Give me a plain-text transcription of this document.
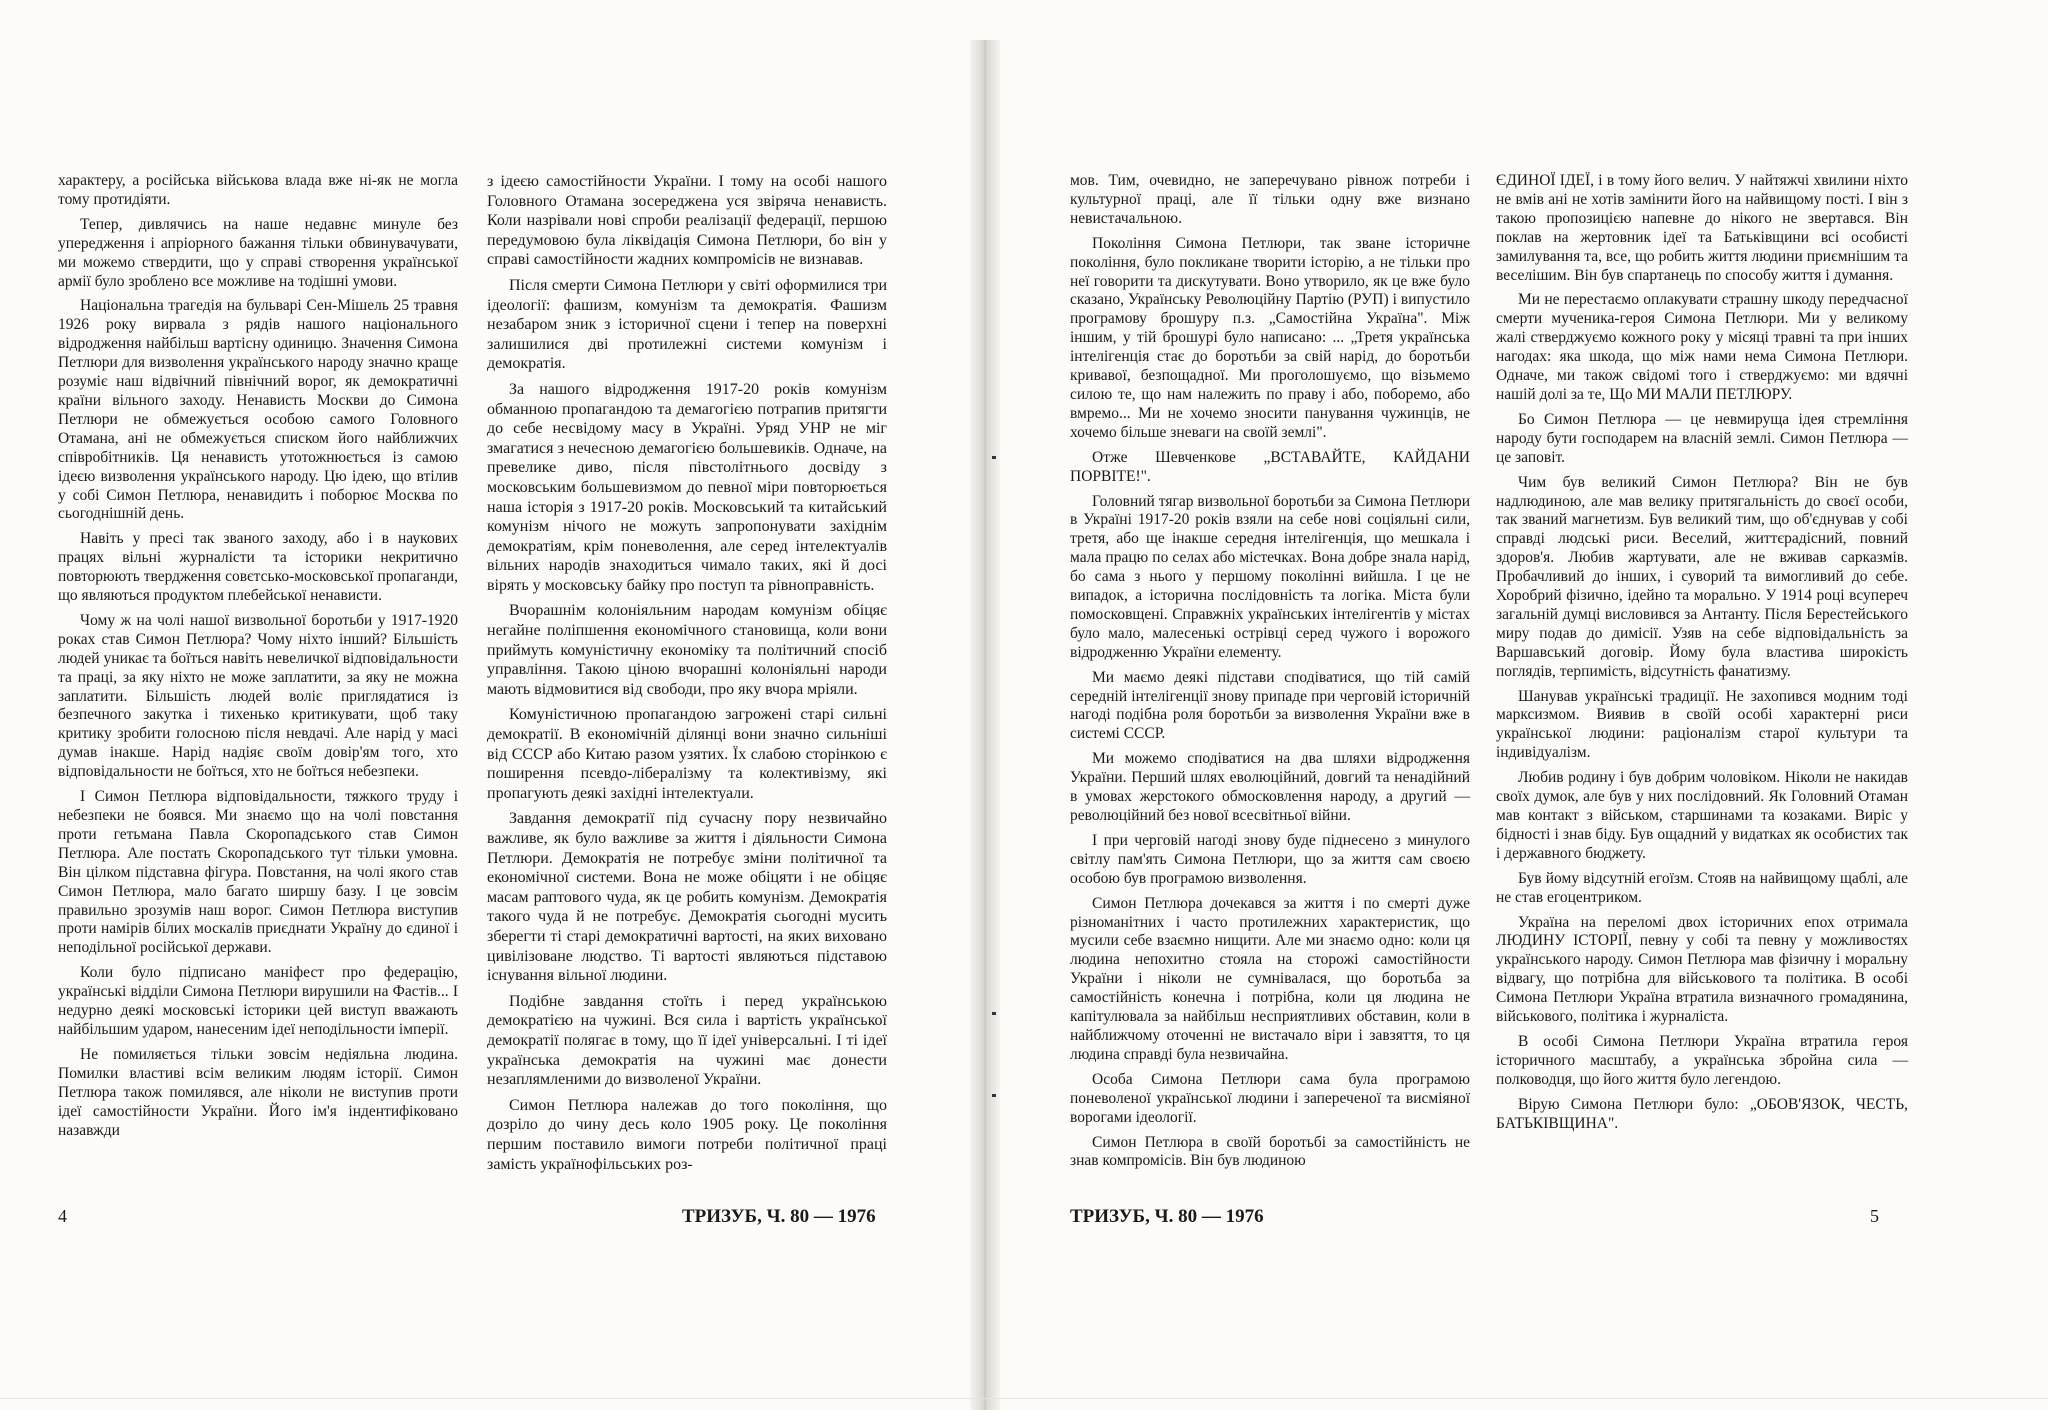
характеру, а російська військова влада вже ні-як не могла тому протидіяти.

Тепер, дивлячись на наше недавнє минуле без упередження і апріорного бажання тільки обвинувачувати, ми можемо ствердити, що у справі створення української армії було зроблено все можливе на тодішні умови.

Національна трагедія на бульварі Сен-Мішель 25 травня 1926 року вирвала з рядів нашого національного відродження найбільш вартісну одиницю. Значення Симона Петлюри для визволення українського народу значно краще розуміє наш відвічний північний ворог, як демократичні країни вільного заходу. Ненависть Москви до Симона Петлюри не обмежується особою самого Головного Отамана, ані не обмежується списком його найближчих співробітників. Ця ненависть утотожнюється із самою ідеєю визволення українського народу. Цю ідею, що втілив у собі Симон Петлюра, ненавидить і поборює Москва по сьогоднішній день.

Навіть у пресі так званого заходу, або і в наукових працях вільні журналісти та історики некритично повторюють твердження совєтсько-московської пропаганди, що являються продуктом плебейської ненависти.

Чому ж на чолі нашої визвольної боротьби у 1917-1920 роках став Симон Петлюра? Чому ніхто інший? Більшість людей уникає та боїться навіть невеличкої відповідальности та праці, за яку ніхто не може заплатити, за яку не можна заплатити. Більшість людей воліє приглядатися із безпечного закутка і тихенько критикувати, щоб таку критику зробити голосною після невдачі. Але нарід у масі думав інакше. Нарід надіяє своїм довір'ям того, хто відповідальности не боїться, хто не боїться небезпеки.

І Симон Петлюра відповідальности, тяжкого труду і небезпеки не боявся. Ми знаємо що на чолі повстання проти гетьмана Павла Скоропадського став Симон Петлюра. Але постать Скоропадського тут тільки умовна. Він цілком підставна фігура. Повстання, на чолі якого став Симон Петлюра, мало багато ширшу базу. І це зовсім правильно зрозумів наш ворог. Симон Петлюра виступив проти намірів білих москалів приєднати Україну до єдиної і неподільної російської держави.

Коли було підписано маніфест про федерацію, українські відділи Симона Петлюри вирушили на Фастів... І недурно деякі московські історики цей виступ вважають найбільшим ударом, нанесеним ідеї неподільности імперії.

Не помиляється тільки зовсім недіяльна людина. Помилки властиві всім великим людям історії. Симон Петлюра також помилявся, але ніколи не виступив проти ідеї самостійности України. Його ім'я індентифіковано назавжди

з ідеєю самостійности України. І тому на особі нашого Головного Отамана зосереджена уся звіряча ненависть. Коли назрівали нові спроби реалізації федерації, першою передумовою була ліквідація Симона Петлюри, бо він у справі самостійности жадних компромісів не визнавав.

Після смерти Симона Петлюри у світі оформилися три ідеології: фашизм, комунізм та демократія. Фашизм незабаром зник з історичної сцени і тепер на поверхні залишилися дві протилежні системи комунізм і демократія.

За нашого відродження 1917-20 років комунізм обманною пропагандою та демагогією потрапив притягти до себе несвідому масу в Україні. Уряд УНР не міг змагатися з нечесною демагогією большевиків. Одначе, на превелике диво, після півстолітнього досвіду з московським большевизмом до певної міри повторюється наша історія з 1917-20 років. Московський та китайський комунізм нічого не можуть запропонувати західнім демократіям, крім поневолення, але серед інтелектуалів вільних народів знаходиться чимало таких, які й досі вірять у московську байку про поступ та рівноправність.

Вчорашнім колоніяльним народам комунізм обіцяє негайне поліпшення економічного становища, коли вони приймуть комуністичну економіку та політичний спосіб управління. Такою ціною вчорашні колоніяльні народи мають відмовитися від свободи, про яку вчора мріяли.

Комуністичною пропагандою загрожені старі сильні демократії. В економічній ділянці вони значно сильніші від СССР або Китаю разом узятих. Їх слабою сторінкою є поширення псевдо-лібералізму та колективізму, які пропагують деякі західні інтелектуали.

Завдання демократії під сучасну пору незвичайно важливе, як було важливе за життя і діяльности Симона Петлюри. Демократія не потребує зміни політичної та економічної системи. Вона не може обіцяти і не обіцяє масам раптового чуда, як це робить комунізм. Демократія такого чуда й не потребує. Демократія сьогодні мусить зберегти ті старі демократичні вартості, на яких виховано цивілізоване людство. Ті вартості являються підставою існування вільної людини.

Подібне завдання стоїть і перед українською демократією на чужині. Вся сила і вартість української демократії полягає в тому, що її ідеї універсальні. І ті ідеї українська демократія на чужині має донести незаплямленими до визволеної України.

Симон Петлюра належав до того покоління, що дозріло до чину десь коло 1905 року. Це покоління першим поставило вимоги потреби політичної праці замість українофільських роз-

мов. Тим, очевидно, не заперечувано рівнож потреби і культурної праці, але її тільки одну вже визнано невистачальною.

Покоління Симона Петлюри, так зване історичне покоління, було покликане творити історію, а не тільки про неї говорити та дискутувати. Воно утворило, як це вже було сказано, Українську Революційну Партію (РУП) і випустило програмову брошуру п.з. „Самостійна Україна". Між іншим, у тій брошурі було написано: ... „Третя українська інтелігенція стає до боротьби за свій нарід, до боротьби кривавої, безпощадної. Ми проголошуємо, що візьмемо силою те, що нам належить по праву і або, поборемо, або вмремо... Ми не хочемо зносити панування чужинців, не хочемо більше зневаги на своїй землі".

Отже Шевченкове „ВСТАВАЙТЕ, КАЙДАНИ ПОРВІТЕ!".

Головний тягар визвольної боротьби за Симона Петлюри в Україні 1917-20 років взяли на себе нові соціяльні сили, третя, або ще інакше середня інтелігенція, що мешкала і мала працю по селах або містечках. Вона добре знала нарід, бо сама з нього у першому поколінні вийшла. І це не випадок, а історична послідовність та логіка. Міста були помосковщені. Справжніх українських інтелігентів у містах було мало, малесенькі острівці серед чужого і ворожого відродженню України елементу.

Ми маємо деякі підстави сподіватися, що тій самій середній інтелігенції знову припаде при черговій історичній нагоді подібна роля боротьби за визволення України вже в системі СССР.

Ми можемо сподіватися на два шляхи відродження України. Перший шлях еволюційний, довгий та ненадійний в умовах жерстокого обмосковлення народу, а другий — революційний без нової всесвітньої війни.

І при черговій нагоді знову буде піднесено з минулого світлу пам'ять Симона Петлюри, що за життя сам своєю особою був програмою визволення.

Симон Петлюра дочекався за життя і по смерті дуже різноманітних і часто протилежних характеристик, що мусили себе взаємно нищити. Але ми знаємо одно: коли ця людина непохитно стояла на сторожі самостійности України і ніколи не сумнівалася, що боротьба за самостійність конечна і потрібна, коли ця людина не капітулювала за найбільш несприятливих обставин, коли в найближчому оточенні не вистачало віри і завзяття, то ця людина справді була незвичайна.

Особа Симона Петлюри сама була програмою поневоленої української людини і запереченої та висміяної ворогами ідеології.

Симон Петлюра в своїй боротьбі за самостійність не знав компромісів. Він був людиною

ЄДИНОЇ ІДЕЇ, і в тому його велич. У найтяжчі хвилини ніхто не вмів ані не хотів замінити його на найвищому пості. І він з такою пропозицією напевне до нікого не звертався. Він поклав на жертовник ідеї та Батьківщини всі особисті замилування та, все, що робить життя людини приємнішим та веселішим. Він був спартанець по способу життя і думання.

Ми не перестаємо оплакувати страшну шкоду передчасної смерти мученика-героя Симона Петлюри. Ми у великому жалі стверджуємо кожного року у місяці травні та при інших нагодах: яка шкода, що між нами нема Симона Петлюри. Одначе, ми також свідомі того і стверджуємо: ми вдячні нашій долі за те, Що МИ МАЛИ ПЕТЛЮРУ.

Бо Симон Петлюра — це невмируща ідея стремління народу бути господарем на власній землі. Симон Петлюра — це заповіт.

Чим був великий Симон Петлюра? Він не був надлюдиною, але мав велику притягальність до своєї особи, так званий магнетизм. Був великий тим, що об'єднував у собі справді людські риси. Веселий, життєрадісний, повний здоров'я. Любив жартувати, але не вживав сарказмів. Пробачливий до інших, і суворий та вимогливий до себе. Хоробрий фізично, ідейно та морально. У 1914 році всупереч загальній думці висловився за Антанту. Після Берестейського миру подав до димісії. Узяв на себе відповідальність за Варшавський договір. Йому була властива широкість поглядів, терпимість, відсутність фанатизму.

Шанував українські традиції. Не захопився модним тоді марксизмом. Виявив в своїй особі характерні риси української людини: раціоналізм старої культури та індивідуалізм.

Любив родину і був добрим чоловіком. Ніколи не накидав своїх думок, але був у них послідовний. Як Головний Отаман мав контакт з військом, старшинами та козаками. Виріс у бідності і знав біду. Був ощадний у видатках як особистих так і державного бюджету.

Був йому відсутній егоїзм. Стояв на найвищому щаблі, але не став егоцентриком.

Україна на переломі двох історичних епох отримала ЛЮДИНУ ІСТОРІЇ, певну у собі та певну у можливостях українського народу. Симон Петлюра мав фізичну і моральну відвагу, що потрібна для військового та політика. В особі Симона Петлюри Україна втратила визначного громадянина, військового, політика і журналіста.

В особі Симона Петлюри Україна втратила героя історичного масштабу, а українська збройна сила — полководця, що його життя було легендою.

Вірую Симона Петлюри було: „ОБОВ'ЯЗОК, ЧЕСТЬ, БАТЬКІВЩИНА".

4	ТРИЗУБ, Ч. 80 — 1976	ТРИЗУБ, Ч. 80 — 1976	5
